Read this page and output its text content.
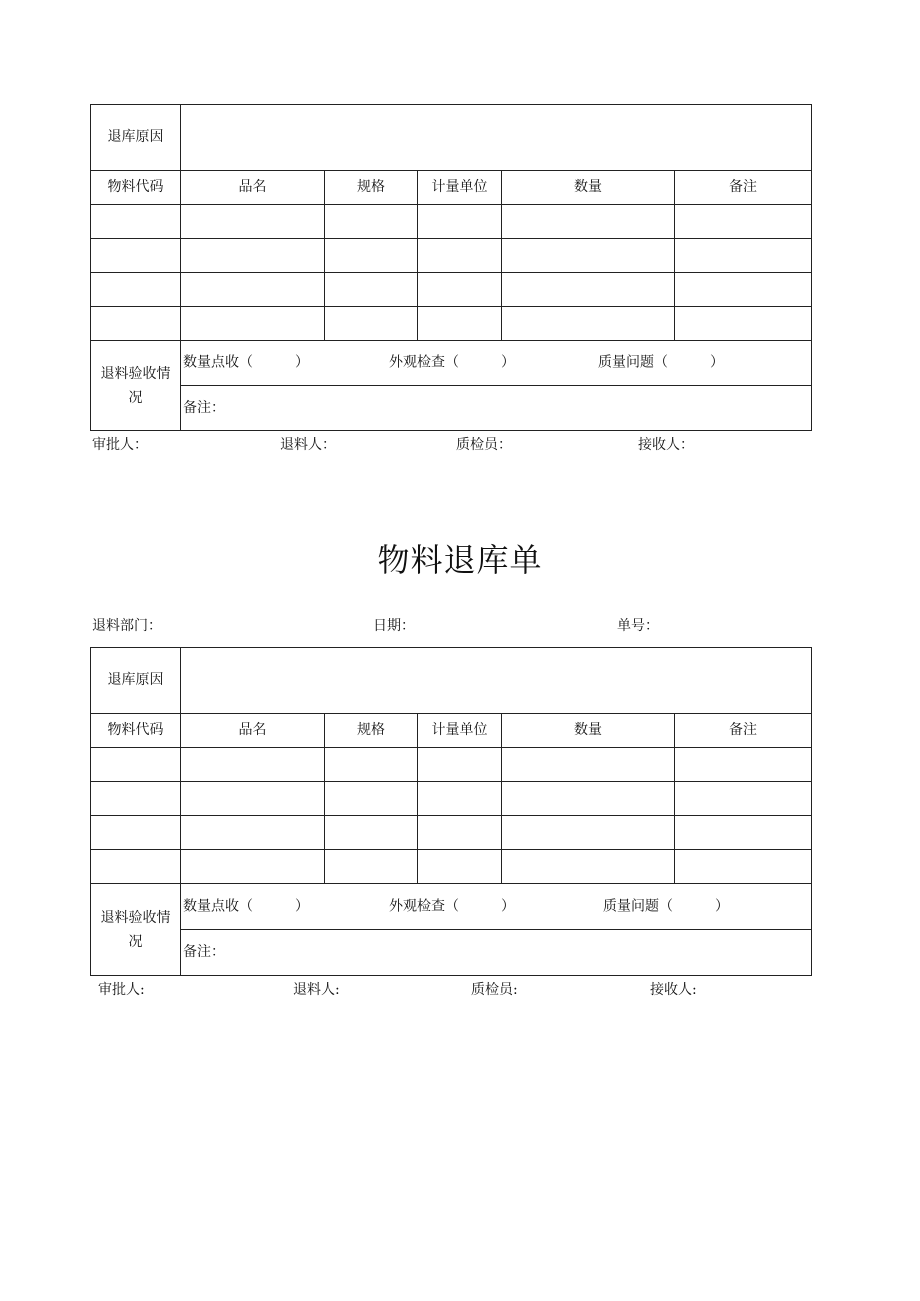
退库原因					
物料代码	品名	规格	计量单位	数量	备注

退料验收情况	数量点收（　　　） 外观检查（　　　） 质量问题（　　　）				

	备注：				
审批人：	退料人：	质检员：	接收人：
物料退库单
退料部门：	日期：	单号：
退库原因					
物料代码	品名	规格	计量单位	数量	备注

退料验收情况	数量点收（　　　） 外观检查（　　　） 质量问题（　　　）				

	备注：				
审批人:	退料人:	质检员:	接收人:
